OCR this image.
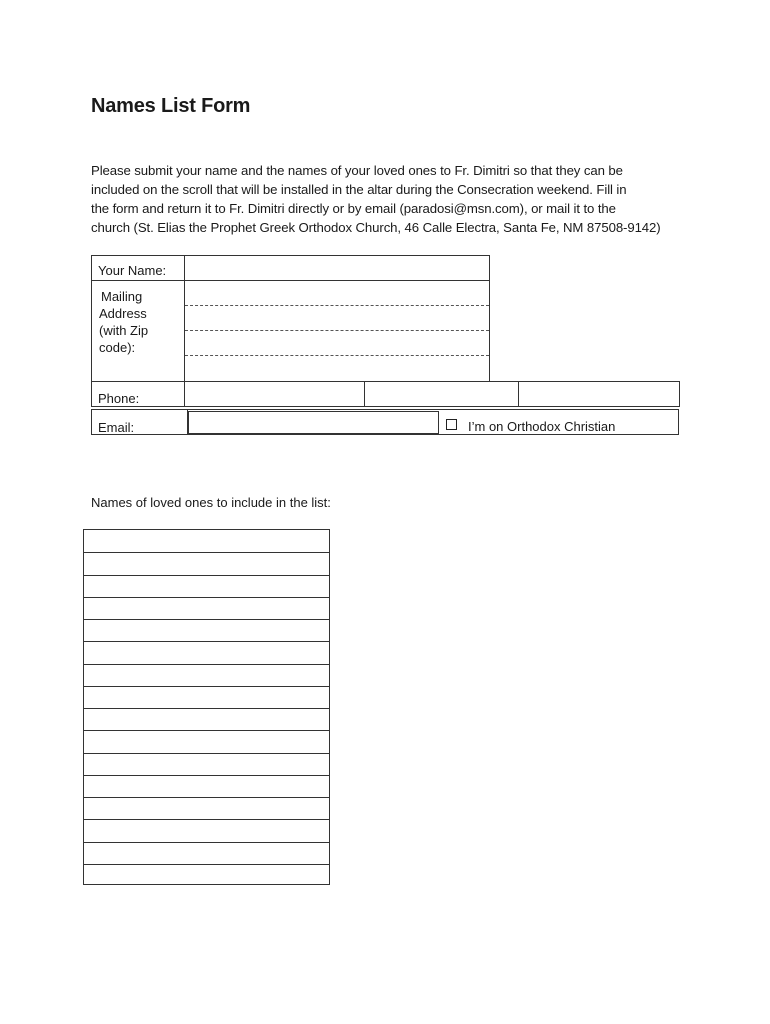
Names List Form
Please submit your name and the names of your loved ones to Fr. Dimitri so that they can be
included on the scroll that will be installed in the altar during the Consecration weekend. Fill in
the form and return it to Fr. Dimitri directly or by email (paradosi@msn.com), or mail it to the
church (St. Elias the Prophet Greek Orthodox Church, 46 Calle Electra, Santa Fe, NM 87508-9142)
Your Name:
Mailing
Address
(with Zip
code):
Phone:
Email:	I’m on Orthodox Christian
Names of loved ones to include in the list:
